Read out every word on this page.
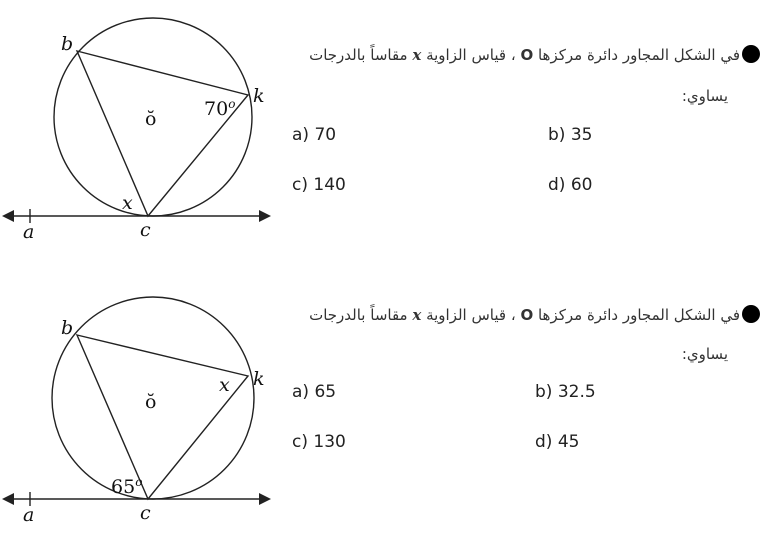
b
k
c
a
ŏ
x
70$^o$
في الشكل المجاور دائرة مركزها O ، قياس الزاوية x مقاساً بالدرجات
يساوي:
a) 70	b) 35
c) 140	d) 60
b
k
c
a
ŏ
x
65$^o$
في الشكل المجاور دائرة مركزها O ، قياس الزاوية x مقاساً بالدرجات
يساوي:
a) 65	b) 32.5
c) 130	d) 45
